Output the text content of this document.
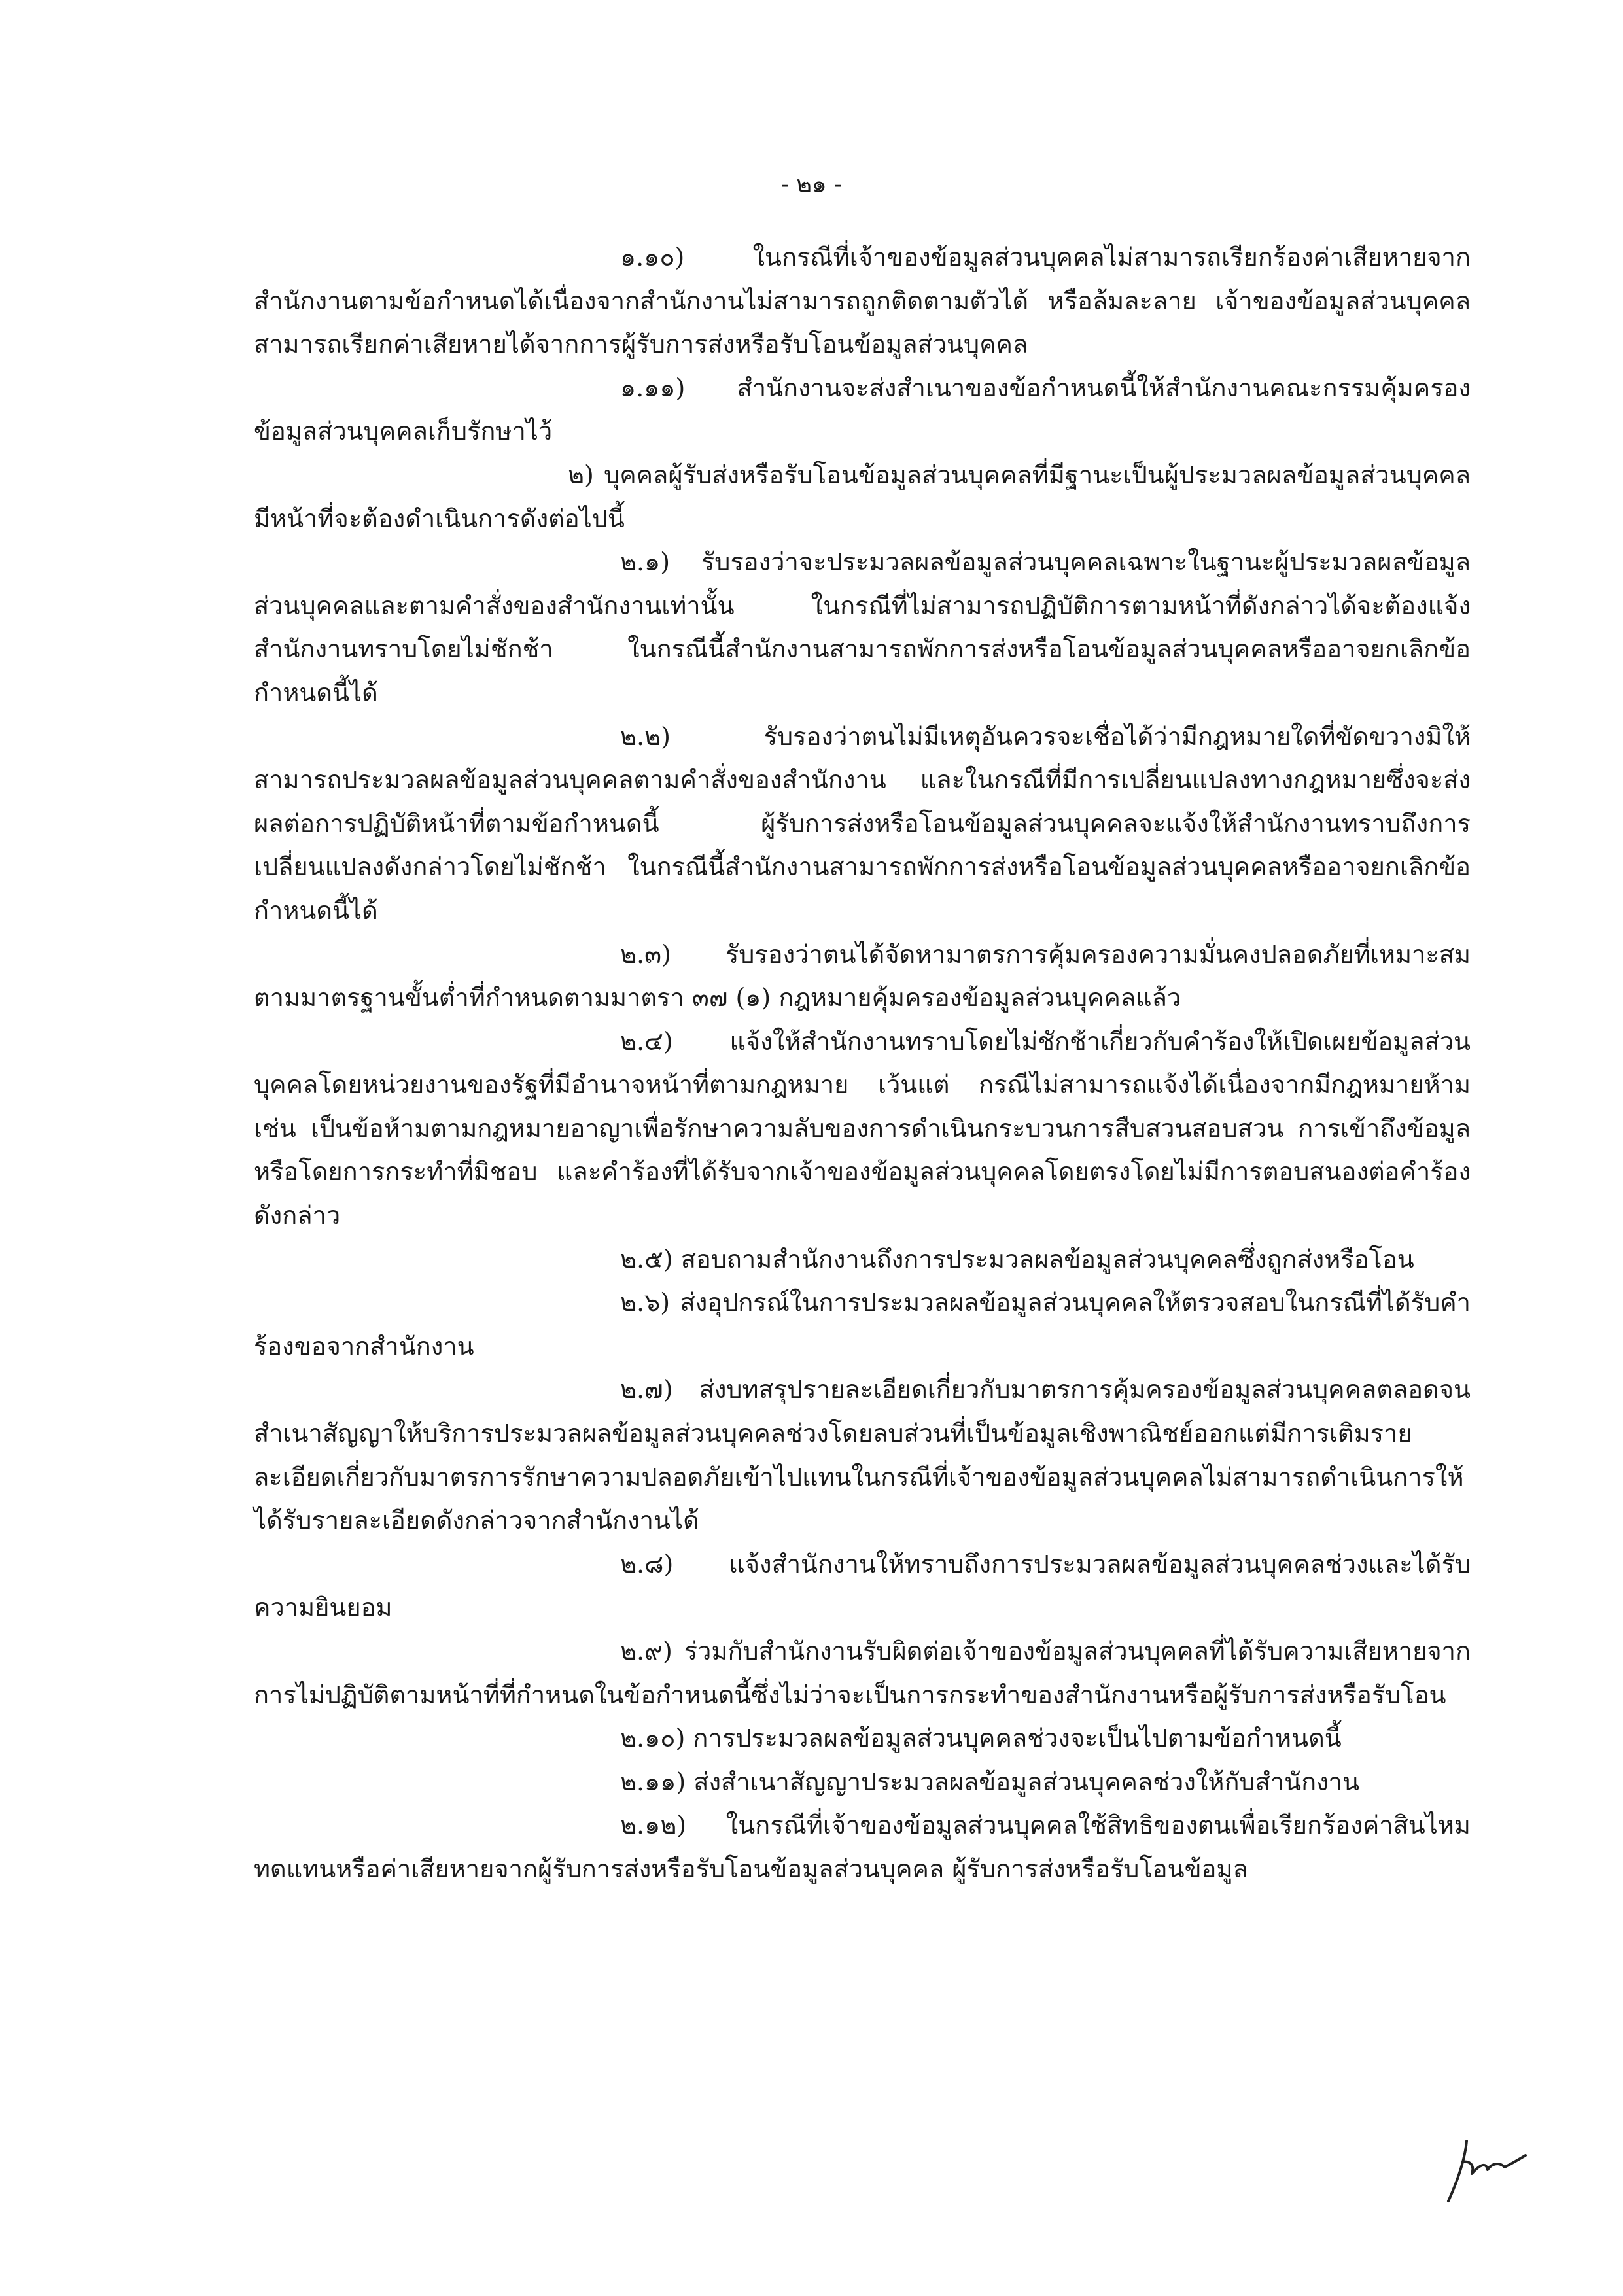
- ๒๑ -

๑.๑๐) ในกรณีที่เจ้าของข้อมูลส่วนบุคคลไม่สามารถเรียกร้องค่าเสียหายจากสำนักงานตามข้อกำหนดได้เนื่องจากสำนักงานไม่สามารถถูกติดตามตัวได้ หรือล้มละลาย เจ้าของข้อมูลส่วนบุคคลสามารถเรียกค่าเสียหายได้จากการผู้รับการส่งหรือรับโอนข้อมูลส่วนบุคคล

๑.๑๑) สำนักงานจะส่งสำเนาของข้อกำหนดนี้ให้สำนักงานคณะกรรมคุ้มครองข้อมูลส่วนบุคคลเก็บรักษาไว้

๒) บุคคลผู้รับส่งหรือรับโอนข้อมูลส่วนบุคคลที่มีฐานะเป็นผู้ประมวลผลข้อมูลส่วนบุคคลมีหน้าที่จะต้องดำเนินการดังต่อไปนี้

๒.๑) รับรองว่าจะประมวลผลข้อมูลส่วนบุคคลเฉพาะในฐานะผู้ประมวลผลข้อมูลส่วนบุคคลและตามคำสั่งของสำนักงานเท่านั้น ในกรณีที่ไม่สามารถปฏิบัติการตามหน้าที่ดังกล่าวได้จะต้องแจ้งสำนักงานทราบโดยไม่ชักช้า ในกรณีนี้สำนักงานสามารถพักการส่งหรือโอนข้อมูลส่วนบุคคลหรืออาจยกเลิกข้อกำหนดนี้ได้

๒.๒) รับรองว่าตนไม่มีเหตุอันควรจะเชื่อได้ว่ามีกฎหมายใดที่ขัดขวางมิให้สามารถประมวลผลข้อมูลส่วนบุคคลตามคำสั่งของสำนักงาน และในกรณีที่มีการเปลี่ยนแปลงทางกฎหมายซึ่งจะส่งผลต่อการปฏิบัติหน้าที่ตามข้อกำหนดนี้ ผู้รับการส่งหรือโอนข้อมูลส่วนบุคคลจะแจ้งให้สำนักงานทราบถึงการเปลี่ยนแปลงดังกล่าวโดยไม่ชักช้า ในกรณีนี้สำนักงานสามารถพักการส่งหรือโอนข้อมูลส่วนบุคคลหรืออาจยกเลิกข้อกำหนดนี้ได้

๒.๓) รับรองว่าตนได้จัดหามาตรการคุ้มครองความมั่นคงปลอดภัยที่เหมาะสมตามมาตรฐานขั้นต่ำที่กำหนดตามมาตรา ๓๗ (๑) กฎหมายคุ้มครองข้อมูลส่วนบุคคลแล้ว

๒.๔) แจ้งให้สำนักงานทราบโดยไม่ชักช้าเกี่ยวกับคำร้องให้เปิดเผยข้อมูลส่วนบุคคลโดยหน่วยงานของรัฐที่มีอำนาจหน้าที่ตามกฎหมาย เว้นแต่ กรณีไม่สามารถแจ้งได้เนื่องจากมีกฎหมายห้าม เช่น เป็นข้อห้ามตามกฎหมายอาญาเพื่อรักษาความลับของการดำเนินกระบวนการสืบสวนสอบสวน การเข้าถึงข้อมูลหรือโดยการกระทำที่มิชอบ และคำร้องที่ได้รับจากเจ้าของข้อมูลส่วนบุคคลโดยตรงโดยไม่มีการตอบสนองต่อคำร้องดังกล่าว

๒.๕) สอบถามสำนักงานถึงการประมวลผลข้อมูลส่วนบุคคลซึ่งถูกส่งหรือโอน

๒.๖) ส่งอุปกรณ์ในการประมวลผลข้อมูลส่วนบุคคลให้ตรวจสอบในกรณีที่ได้รับคำร้องขอจากสำนักงาน

๒.๗) ส่งบทสรุปรายละเอียดเกี่ยวกับมาตรการคุ้มครองข้อมูลส่วนบุคคลตลอดจนสำเนาสัญญาให้บริการประมวลผลข้อมูลส่วนบุคคลช่วงโดยลบส่วนที่เป็นข้อมูลเชิงพาณิชย์ออกแต่มีการเติมรายละเอียดเกี่ยวกับมาตรการรักษาความปลอดภัยเข้าไปแทนในกรณีที่เจ้าของข้อมูลส่วนบุคคลไม่สามารถดำเนินการให้ได้รับรายละเอียดดังกล่าวจากสำนักงานได้

๒.๘) แจ้งสำนักงานให้ทราบถึงการประมวลผลข้อมูลส่วนบุคคลช่วงและได้รับความยินยอม

๒.๙) ร่วมกับสำนักงานรับผิดต่อเจ้าของข้อมูลส่วนบุคคลที่ได้รับความเสียหายจากการไม่ปฏิบัติตามหน้าที่ที่กำหนดในข้อกำหนดนี้ซึ่งไม่ว่าจะเป็นการกระทำของสำนักงานหรือผู้รับการส่งหรือรับโอน

๒.๑๐) การประมวลผลข้อมูลส่วนบุคคลช่วงจะเป็นไปตามข้อกำหนดนี้

๒.๑๑) ส่งสำเนาสัญญาประมวลผลข้อมูลส่วนบุคคลช่วงให้กับสำนักงาน

๒.๑๒) ในกรณีที่เจ้าของข้อมูลส่วนบุคคลใช้สิทธิของตนเพื่อเรียกร้องค่าสินไหม ทดแทนหรือค่าเสียหายจากผู้รับการส่งหรือรับโอนข้อมูลส่วนบุคคล ผู้รับการส่งหรือรับโอนข้อมูล
